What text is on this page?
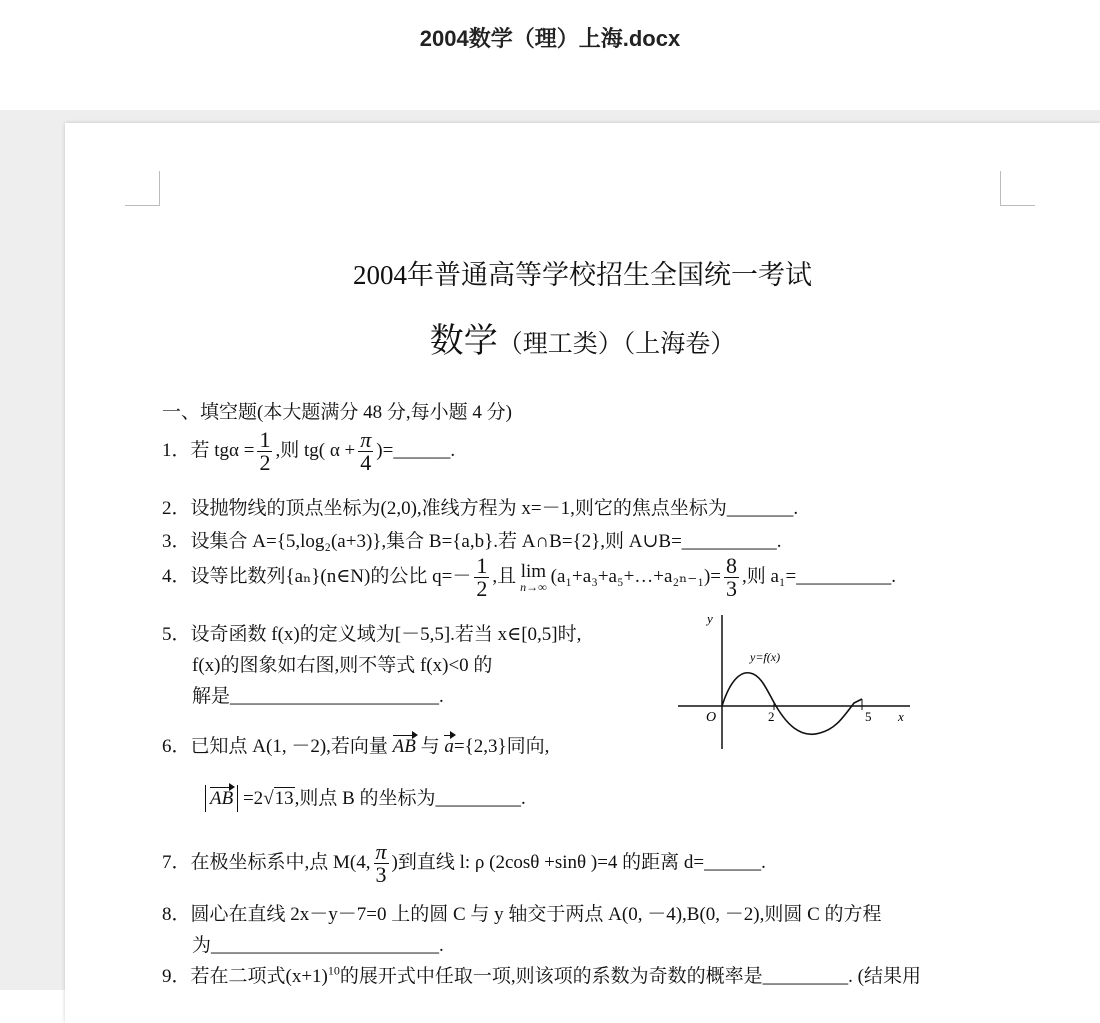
2004数学（理）上海.docx
2004年普通高等学校招生全国统一考试
数学（理工类）（上海卷）
一、填空题(本大题满分 48 分,每小题 4 分)
1．若 $tg\alpha = \frac{1}{2}$ ,则 tg( $\alpha + \frac{\pi}{4}$ )=______.
2．设抛物线的顶点坐标为(2,0),准线方程为 x=－1,则它的焦点坐标为_______.
3．设集合 A={5,log₂(a+3)},集合 B={a,b}.若 A∩B={2},则 A∪B=__________.
4．设等比数列{aₙ}(n∈N)的公比 $q=- \frac{1}{2}$ ,且 lim
n→∞
(a₁+a₃+a₅+…+a₂ₙ₋₁)= $\frac{8}{3}$ ,则 a₁=__________.
5．设奇函数 f(x)的定义域为[－5,5].若当 x∈[0,5]时,
f(x)的图象如右图,则不等式 f(x)<0 的
解是______________________.
y
x
O	2	5
y=f(x)
6．已知点 A(1, －2),若向量 AB 与 a={2,3}同向,
AB =2√13,则点 B 的坐标为_________.
7．在极坐标系中,点 M(4, $\frac{\pi}{3}$ )到直线 l: ρ (2cosθ +sinθ )=4 的距离 d=______.
8．圆心在直线 2x－y－7=0 上的圆 C 与 y 轴交于两点 A(0, －4),B(0, －2),则圆 C 的方程
为________________________.
9．若在二项式$(x+1)^{10}$的展开式中任取一项,则该项的系数为奇数的概率是_________. (结果用
